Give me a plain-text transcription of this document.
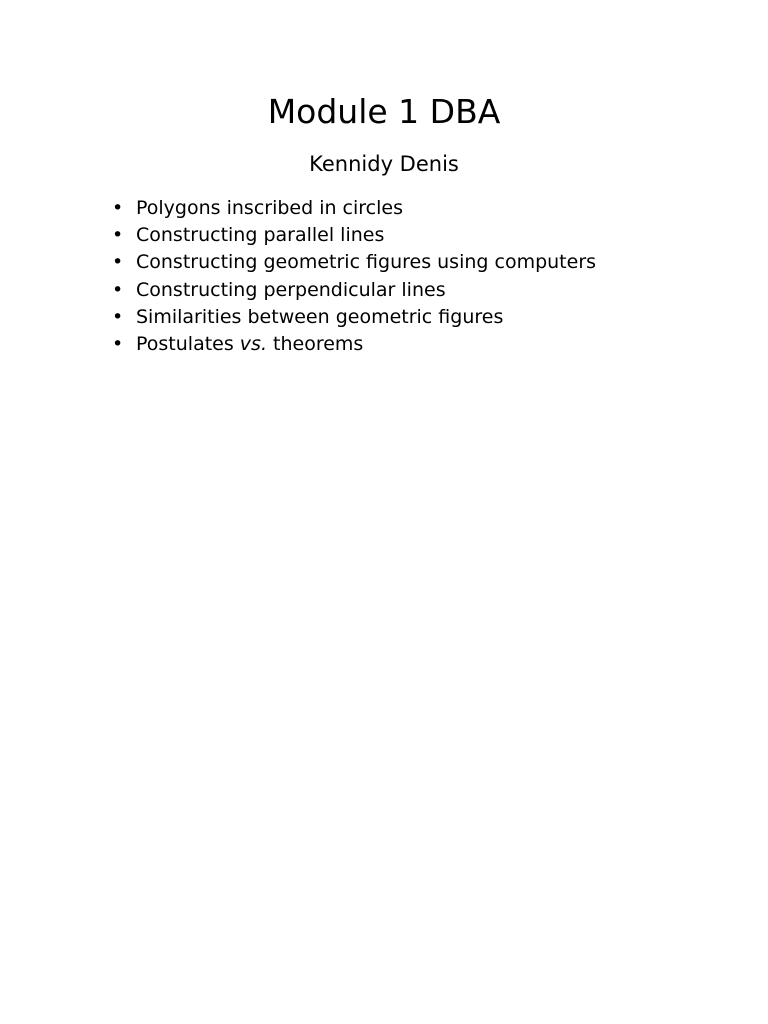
Module 1 DBA

Kennidy Denis

• Polygons inscribed in circles
• Constructing parallel lines
• Constructing geometric figures using computers
• Constructing perpendicular lines
• Similarities between geometric figures
• Postulates vs. theorems
